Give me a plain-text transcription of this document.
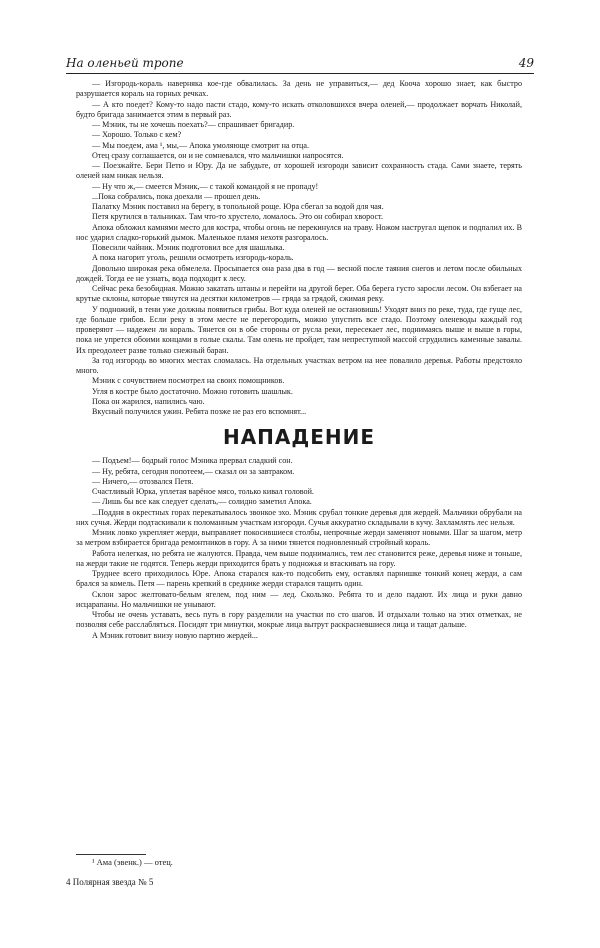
На оленьей тропе	49

— Изгородь-кораль наверняка кое-где обвалилась. За день не управиться,— дед Кооча хорошо знает, как быстро разрушается кораль на горных речках.

— А кто поедет? Кому-то надо пасти стадо, кому-то искать отколовшихся вчера оленей,— продолжает ворчать Николай, будто бригада занимается этим в первый раз.

— Мэник, ты не хочешь поехать?— спрашивает бригадир.

— Хорошо. Только с кем?

— Мы поедем, ама ¹, мы,— Апока умоляюще смотрит на отца.

Отец сразу соглашается, он и не сомневался, что мальчишки напросятся.

— Поезжайте. Бери Петю и Юру. Да не забудьте, от хорошей изгороди зависит сохранность стада. Сами знаете, терять оленей нам никак нельзя.

— Ну что ж,— смеется Мэник,— с такой командой я не пропаду!

...Пока собрались, пока доехали — прошел день.

Палатку Мэник поставил на берегу, в топольной роще. Юра сбегал за водой для чая.

Петя крутился в тальниках. Там что-то хрустело, ломалось. Это он собирал хворост.

Апока обложил камнями место для костра, чтобы огонь не перекинулся на траву. Ножом настругал щепок и подпалил их. В нос ударил сладко-горький дымок. Маленькое пламя нехотя разгоралось.

Повесили чайник. Мэник подготовил все для шашлыка.

А пока нагорит уголь, решили осмотреть изгородь-кораль.

Довольно широкая река обмелела. Просыпается она раза два в год — весной после таяния снегов и летом после обильных дождей. Тогда ее не узнать, вода подходит к лесу.

Сейчас река безобидная. Можно закатать штаны и перейти на другой берег. Оба берега густо заросли лесом. Он взбегает на крутые склоны, которые тянутся на десятки километров — гряда за грядой, сжимая реку.

У подножий, в тени уже должны появиться грибы. Вот куда оленей не остановишь! Уходят вниз по реке, туда, где гуще лес, где больше грибов. Если реку в этом месте не перегородить, можно упустить все стадо. Поэтому оленеводы каждый год проверяют — надежен ли кораль. Тянется он в обе стороны от русла реки, пересекает лес, поднимаясь выше и выше в горы, пока не упрется обоими концами в голые скалы. Там олень не пройдет, там непреступной массой сгрудились каменные завалы. Их преодолеет разве только снежный баран.

За год изгородь во многих местах сломалась. На отдельных участках ветром на нее повалило деревья. Работы предстояло много.

Мэник с сочувствием посмотрел на своих помощников.

Угля в костре было достаточно. Можно готовить шашлык.

Пока он жарился, напились чаю.

Вкусный получился ужин. Ребята позже не раз его вспомнят...

НАПАДЕНИЕ

— Подъем!— бодрый голос Мэника прервал сладкий сон.

— Ну, ребята, сегодня попотеем,— сказал он за завтраком.

— Ничего,— отозвался Петя.

Счастливый Юрка, уплетая варёное мясо, только кивал головой.

— Лишь бы все как следует сделать,— солидно заметил Апока.

...Поддня в окрестных горах перекатывалось звонкое эхо. Мэник срубал тонкие деревья для жердей. Мальчики обрубали на них сучья. Жерди подтаскивали к поломанным участкам изгороди. Сучья аккуратно складывали в кучу. Захламлять лес нельзя.

Мэник ловко укрепляет жерди, выправляет покосившиеся столбы, непрочные жерди заменяют новыми. Шаг за шагом, метр за метром взбирается бригада ремонтников в гору. А за ними тянется подновленный стройный кораль.

Работа нелегкая, но ребята не жалуются. Правда, чем выше поднимались, тем лес становится реже, деревья ниже и тоньше, на жерди такие не годятся. Теперь жерди приходится брать у подножья и втаскивать на гору.

Труднее всего приходилось Юре. Апока старался как-то подсобить ему, оставлял парнишке тонкий конец жерди, а сам брался за комель. Петя — парень крепкий в среднике жерди старался тащить один.

Склон зарос желтовато-белым ягелем, под ним — лед. Скользко. Ребята то и дело падают. Их лица и руки давно исцарапаны. Но мальчишки не унывают.

Чтобы не очень уставать, весь путь в гору разделили на участки по сто шагов. И отдыхали только на этих отметках, не позволяя себе расслабляться. Посидят три минутки, мокрые лица вытрут раскрасневшиеся лица и тащат дальше.

А Мэник готовит внизу новую партию жердей...

¹ Ама (эвенк.) — отец.
4 Полярная звезда № 5
